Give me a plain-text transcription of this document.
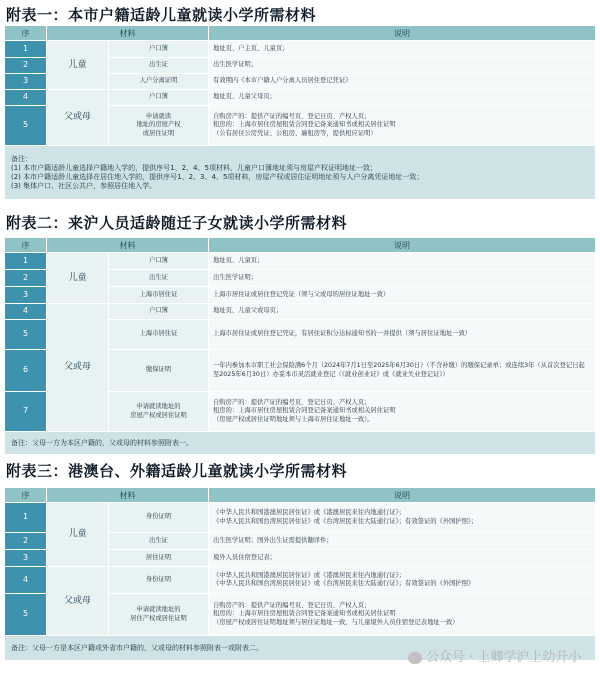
附表一：本市户籍适龄儿童就读小学所需材料
序	材料		说明
1	儿童	户口簿	地址页、户主页、儿童页；
2		出生证	出生医学证明；
3		人户分离证明	有效期内《本市户籍人户分离人员居住登记凭证》
4	父或母	户口簿	地址页、儿童父母页；
5		申请就读
地址的房屋产权
或居住证明	自购房产的：提供产证的编号页、登记日页、产权人页；
租房的：上海市居住房屋租赁合同登记备案通知书或相关居住证明
（公有居住公房凭证、公租房、廉租房等，提供相应证明）

备注：
(1) 本市户籍适龄儿童选择户籍地入学的，提供序号1、2、4、5项材料，儿童户口簿地址须与房屋产权证明地址一致；
(2) 本市户籍适龄儿童选择在居住地入学的，提供序号1、2、3、4、5项材料，房屋产权或居住证明地址须与人户分离凭证地址一致；
(3) 集体户口、社区公共户，参照居住地入学。			
附表二：来沪人员适龄随迁子女就读小学所需材料
序	材料		说明
1	儿童	户口簿	地址页、儿童页；
2		出生证	出生医学证明；
3		上海市居住证	上海市居住证或居住登记凭证（须与父或母的居住证地址一致）
4	父或母	户口簿	地址页、儿童父或母页；
5		上海市居住证	上海市居住证或居住登记凭证，有居住证积分达标通知书的一并提供（须与居住证地址一致）
6		缴保证明	一年内参加本市职工社会保险满6个月（2024年7月1日至2025年6月30日）（不含补缴）的缴保记录单；或连续3年（从首次登记日起至2025年6月30日）办妥本市灵活就业登记（《就业创业证》或《就业失业登记证》）
7		申请就读地址的
房屋产权或居住证明	自购房产的：提供产证的编号页、登记日页、产权人页；
租房的：上海市居住房屋租赁合同登记备案通知书或相关居住证明
（房屋产权或居住证明地址须与上海市居住证地址一致）。

备注：父母一方为本区户籍的，父或母的材料参照附表一。			
附表三：港澳台、外籍适龄儿童就读小学所需材料
序	材料		说明
1	儿童	身份证明	《中华人民共和国港澳居民居住证》或《港澳居民来往内地通行证》；
《中华人民共和国台湾居民居住证》或《台湾居民来往大陆通行证》；有效签证的《外国护照》；
2		出生证	出生医学证明；国外出生证需提供翻译件；
3		居住证明	境外人员住宿登记表；
4	父或母	身份证明	《中华人民共和国港澳居民居住证》或《港澳居民来往内地通行证》；
《中华人民共和国台湾居民居住证》或《台湾居民来往大陆通行证》；有效签证的《外国护照》
5		申请就读地址的
居住产权或居住证明	自购房产的：提供产证的编号页、登记日页、产权人页；
租房的：上海市居住房屋租赁合同登记备案通知书或相关居住证明
（房屋产权或居住证明地址须与居住证地址一致，与儿童境外人员住宿登记表地址一致）

备注：父母一方是本区户籍或外省市户籍的，父或母的材料参照附表一或附表二。			
公众号 · 上卿学沪上幼升小
